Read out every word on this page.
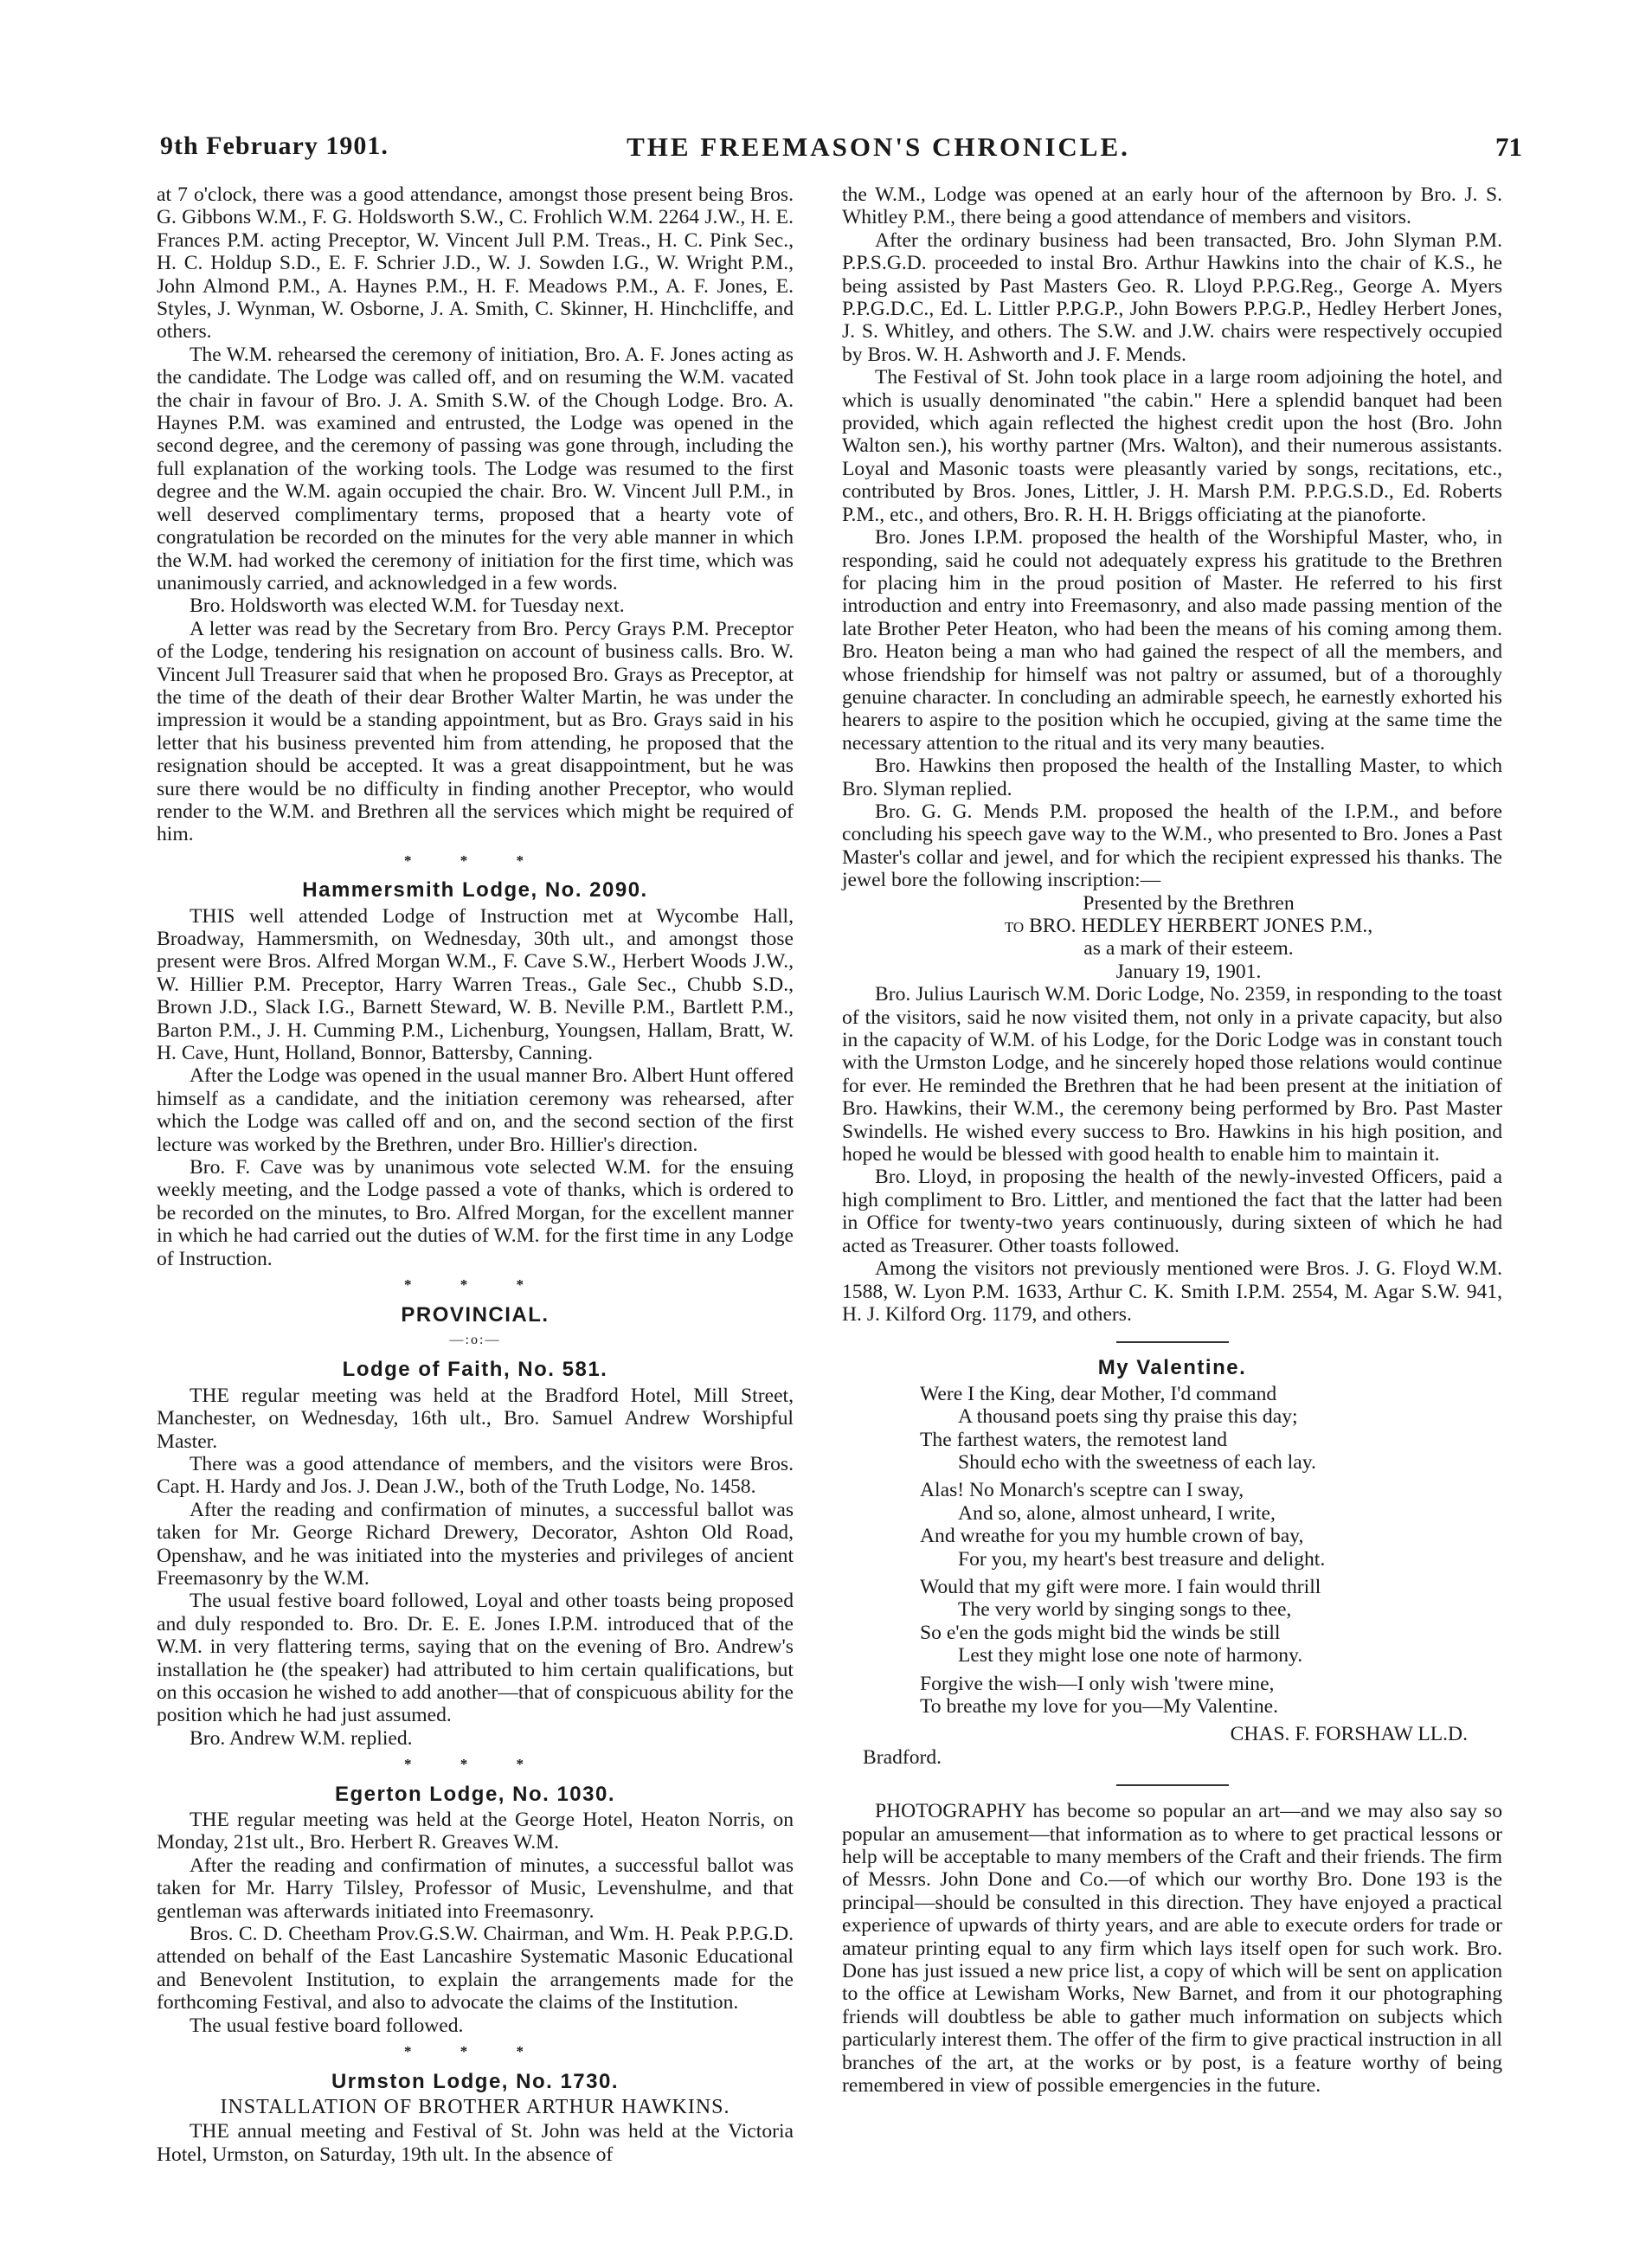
9th February 1901.	THE FREEMASON'S CHRONICLE.	71

at 7 o'clock, there was a good attendance, amongst those present being Bros. G. Gibbons W.M., F. G. Holdsworth S.W., C. Frohlich W.M. 2264 J.W., H. E. Frances P.M. acting Preceptor, W. Vincent Jull P.M. Treas., H. C. Pink Sec., H. C. Holdup S.D., E. F. Schrier J.D., W. J. Sowden I.G., W. Wright P.M., John Almond P.M., A. Haynes P.M., H. F. Meadows P.M., A. F. Jones, E. Styles, J. Wynman, W. Osborne, J. A. Smith, C. Skinner, H. Hinchcliffe, and others.

The W.M. rehearsed the ceremony of initiation, Bro. A. F. Jones acting as the candidate. The Lodge was called off, and on resuming the W.M. vacated the chair in favour of Bro. J. A. Smith S.W. of the Chough Lodge. Bro. A. Haynes P.M. was examined and entrusted, the Lodge was opened in the second degree, and the ceremony of passing was gone through, including the full explanation of the working tools. The Lodge was resumed to the first degree and the W.M. again occupied the chair. Bro. W. Vincent Jull P.M., in well deserved complimentary terms, proposed that a hearty vote of congratulation be recorded on the minutes for the very able manner in which the W.M. had worked the ceremony of initiation for the first time, which was unanimously carried, and acknowledged in a few words.

Bro. Holdsworth was elected W.M. for Tuesday next.

A letter was read by the Secretary from Bro. Percy Grays P.M. Preceptor of the Lodge, tendering his resignation on account of business calls. Bro. W. Vincent Jull Treasurer said that when he proposed Bro. Grays as Preceptor, at the time of the death of their dear Brother Walter Martin, he was under the impression it would be a standing appointment, but as Bro. Grays said in his letter that his business prevented him from attending, he proposed that the resignation should be accepted. It was a great disappointment, but he was sure there would be no difficulty in finding another Preceptor, who would render to the W.M. and Brethren all the services which might be required of him.

* * *
Hammersmith Lodge, No. 2090.

THIS well attended Lodge of Instruction met at Wycombe Hall, Broadway, Hammersmith, on Wednesday, 30th ult., and amongst those present were Bros. Alfred Morgan W.M., F. Cave S.W., Herbert Woods J.W., W. Hillier P.M. Preceptor, Harry Warren Treas., Gale Sec., Chubb S.D., Brown J.D., Slack I.G., Barnett Steward, W. B. Neville P.M., Bartlett P.M., Barton P.M., J. H. Cumming P.M., Lichenburg, Youngsen, Hallam, Bratt, W. H. Cave, Hunt, Holland, Bonnor, Battersby, Canning.

After the Lodge was opened in the usual manner Bro. Albert Hunt offered himself as a candidate, and the initiation ceremony was rehearsed, after which the Lodge was called off and on, and the second section of the first lecture was worked by the Brethren, under Bro. Hillier's direction.

Bro. F. Cave was by unanimous vote selected W.M. for the ensuing weekly meeting, and the Lodge passed a vote of thanks, which is ordered to be recorded on the minutes, to Bro. Alfred Morgan, for the excellent manner in which he had carried out the duties of W.M. for the first time in any Lodge of Instruction.

* * *
PROVINCIAL.
—:o:—
Lodge of Faith, No. 581.

THE regular meeting was held at the Bradford Hotel, Mill Street, Manchester, on Wednesday, 16th ult., Bro. Samuel Andrew Worshipful Master.

There was a good attendance of members, and the visitors were Bros. Capt. H. Hardy and Jos. J. Dean J.W., both of the Truth Lodge, No. 1458.

After the reading and confirmation of minutes, a successful ballot was taken for Mr. George Richard Drewery, Decorator, Ashton Old Road, Openshaw, and he was initiated into the mysteries and privileges of ancient Freemasonry by the W.M.

The usual festive board followed, Loyal and other toasts being proposed and duly responded to. Bro. Dr. E. E. Jones I.P.M. introduced that of the W.M. in very flattering terms, saying that on the evening of Bro. Andrew's installation he (the speaker) had attributed to him certain qualifications, but on this occasion he wished to add another—that of conspicuous ability for the position which he had just assumed.

Bro. Andrew W.M. replied.

* * *
Egerton Lodge, No. 1030.

THE regular meeting was held at the George Hotel, Heaton Norris, on Monday, 21st ult., Bro. Herbert R. Greaves W.M.

After the reading and confirmation of minutes, a successful ballot was taken for Mr. Harry Tilsley, Professor of Music, Levenshulme, and that gentleman was afterwards initiated into Freemasonry.

Bros. C. D. Cheetham Prov.G.S.W. Chairman, and Wm. H. Peak P.P.G.D. attended on behalf of the East Lancashire Systematic Masonic Educational and Benevolent Institution, to explain the arrangements made for the forthcoming Festival, and also to advocate the claims of the Institution.

The usual festive board followed.

* * *
Urmston Lodge, No. 1730.
INSTALLATION OF BROTHER ARTHUR HAWKINS.

THE annual meeting and Festival of St. John was held at the Victoria Hotel, Urmston, on Saturday, 19th ult. In the absence of

the W.M., Lodge was opened at an early hour of the afternoon by Bro. J. S. Whitley P.M., there being a good attendance of members and visitors.

After the ordinary business had been transacted, Bro. John Slyman P.M. P.P.S.G.D. proceeded to instal Bro. Arthur Hawkins into the chair of K.S., he being assisted by Past Masters Geo. R. Lloyd P.P.G.Reg., George A. Myers P.P.G.D.C., Ed. L. Littler P.P.G.P., John Bowers P.P.G.P., Hedley Herbert Jones, J. S. Whitley, and others. The S.W. and J.W. chairs were respectively occupied by Bros. W. H. Ashworth and J. F. Mends.

The Festival of St. John took place in a large room adjoining the hotel, and which is usually denominated "the cabin." Here a splendid banquet had been provided, which again reflected the highest credit upon the host (Bro. John Walton sen.), his worthy partner (Mrs. Walton), and their numerous assistants. Loyal and Masonic toasts were pleasantly varied by songs, recitations, etc., contributed by Bros. Jones, Littler, J. H. Marsh P.M. P.P.G.S.D., Ed. Roberts P.M., etc., and others, Bro. R. H. H. Briggs officiating at the pianoforte.

Bro. Jones I.P.M. proposed the health of the Worshipful Master, who, in responding, said he could not adequately express his gratitude to the Brethren for placing him in the proud position of Master. He referred to his first introduction and entry into Freemasonry, and also made passing mention of the late Brother Peter Heaton, who had been the means of his coming among them. Bro. Heaton being a man who had gained the respect of all the members, and whose friendship for himself was not paltry or assumed, but of a thoroughly genuine character. In concluding an admirable speech, he earnestly exhorted his hearers to aspire to the position which he occupied, giving at the same time the necessary attention to the ritual and its very many beauties.

Bro. Hawkins then proposed the health of the Installing Master, to which Bro. Slyman replied.

Bro. G. G. Mends P.M. proposed the health of the I.P.M., and before concluding his speech gave way to the W.M., who presented to Bro. Jones a Past Master's collar and jewel, and for which the recipient expressed his thanks. The jewel bore the following inscription:—

Presented by the Brethren

to BRO. HEDLEY HERBERT JONES P.M.,

as a mark of their esteem.

January 19, 1901.

Bro. Julius Laurisch W.M. Doric Lodge, No. 2359, in responding to the toast of the visitors, said he now visited them, not only in a private capacity, but also in the capacity of W.M. of his Lodge, for the Doric Lodge was in constant touch with the Urmston Lodge, and he sincerely hoped those relations would continue for ever. He reminded the Brethren that he had been present at the initiation of Bro. Hawkins, their W.M., the ceremony being performed by Bro. Past Master Swindells. He wished every success to Bro. Hawkins in his high position, and hoped he would be blessed with good health to enable him to maintain it.

Bro. Lloyd, in proposing the health of the newly-invested Officers, paid a high compliment to Bro. Littler, and mentioned the fact that the latter had been in Office for twenty-two years continuously, during sixteen of which he had acted as Treasurer. Other toasts followed.

Among the visitors not previously mentioned were Bros. J. G. Floyd W.M. 1588, W. Lyon P.M. 1633, Arthur C. K. Smith I.P.M. 2554, M. Agar S.W. 941, H. J. Kilford Org. 1179, and others.

My Valentine.
Were I the King, dear Mother, I'd command
A thousand poets sing thy praise this day;
The farthest waters, the remotest land
Should echo with the sweetness of each lay.
Alas! No Monarch's sceptre can I sway,
And so, alone, almost unheard, I write,
And wreathe for you my humble crown of bay,
For you, my heart's best treasure and delight.
Would that my gift were more. I fain would thrill
The very world by singing songs to thee,
So e'en the gods might bid the winds be still
Lest they might lose one note of harmony.
Forgive the wish—I only wish 'twere mine,
To breathe my love for you—My Valentine.
CHAS. F. FORSHAW LL.D.
Bradford.

PHOTOGRAPHY has become so popular an art—and we may also say so popular an amusement—that information as to where to get practical lessons or help will be acceptable to many members of the Craft and their friends. The firm of Messrs. John Done and Co.—of which our worthy Bro. Done 193 is the principal—should be consulted in this direction. They have enjoyed a practical experience of upwards of thirty years, and are able to execute orders for trade or amateur printing equal to any firm which lays itself open for such work. Bro. Done has just issued a new price list, a copy of which will be sent on application to the office at Lewisham Works, New Barnet, and from it our photographing friends will doubtless be able to gather much information on subjects which particularly interest them. The offer of the firm to give practical instruction in all branches of the art, at the works or by post, is a feature worthy of being remembered in view of possible emergencies in the future.
